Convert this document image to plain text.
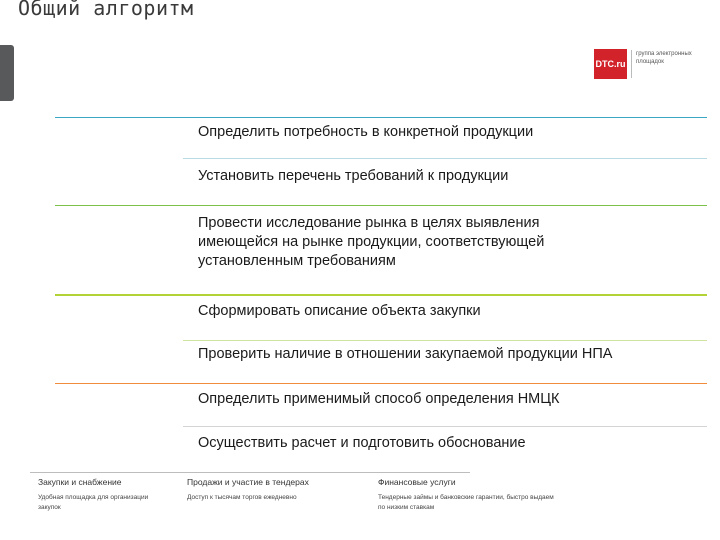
Общий алгоритм
DTC.ru
группа электронных площадок
Определить потребность в конкретной продукции
Установить перечень требований к продукции
Провести исследование рынка в целях выявления имеющейся на рынке продукции, соответствующей установленным требованиям
Сформировать описание объекта закупки
Проверить наличие в отношении закупаемой продукции НПА
Определить применимый способ определения НМЦК
Осуществить расчет и подготовить обоснование
Закупки и снабжение
Удобная площадка для организации закупок
Продажи и участие в тендерах
Доступ к тысячам торгов ежедневно
Финансовые услуги
Тендерные займы и банковские гарантии, быстро выдаем по низким ставкам
